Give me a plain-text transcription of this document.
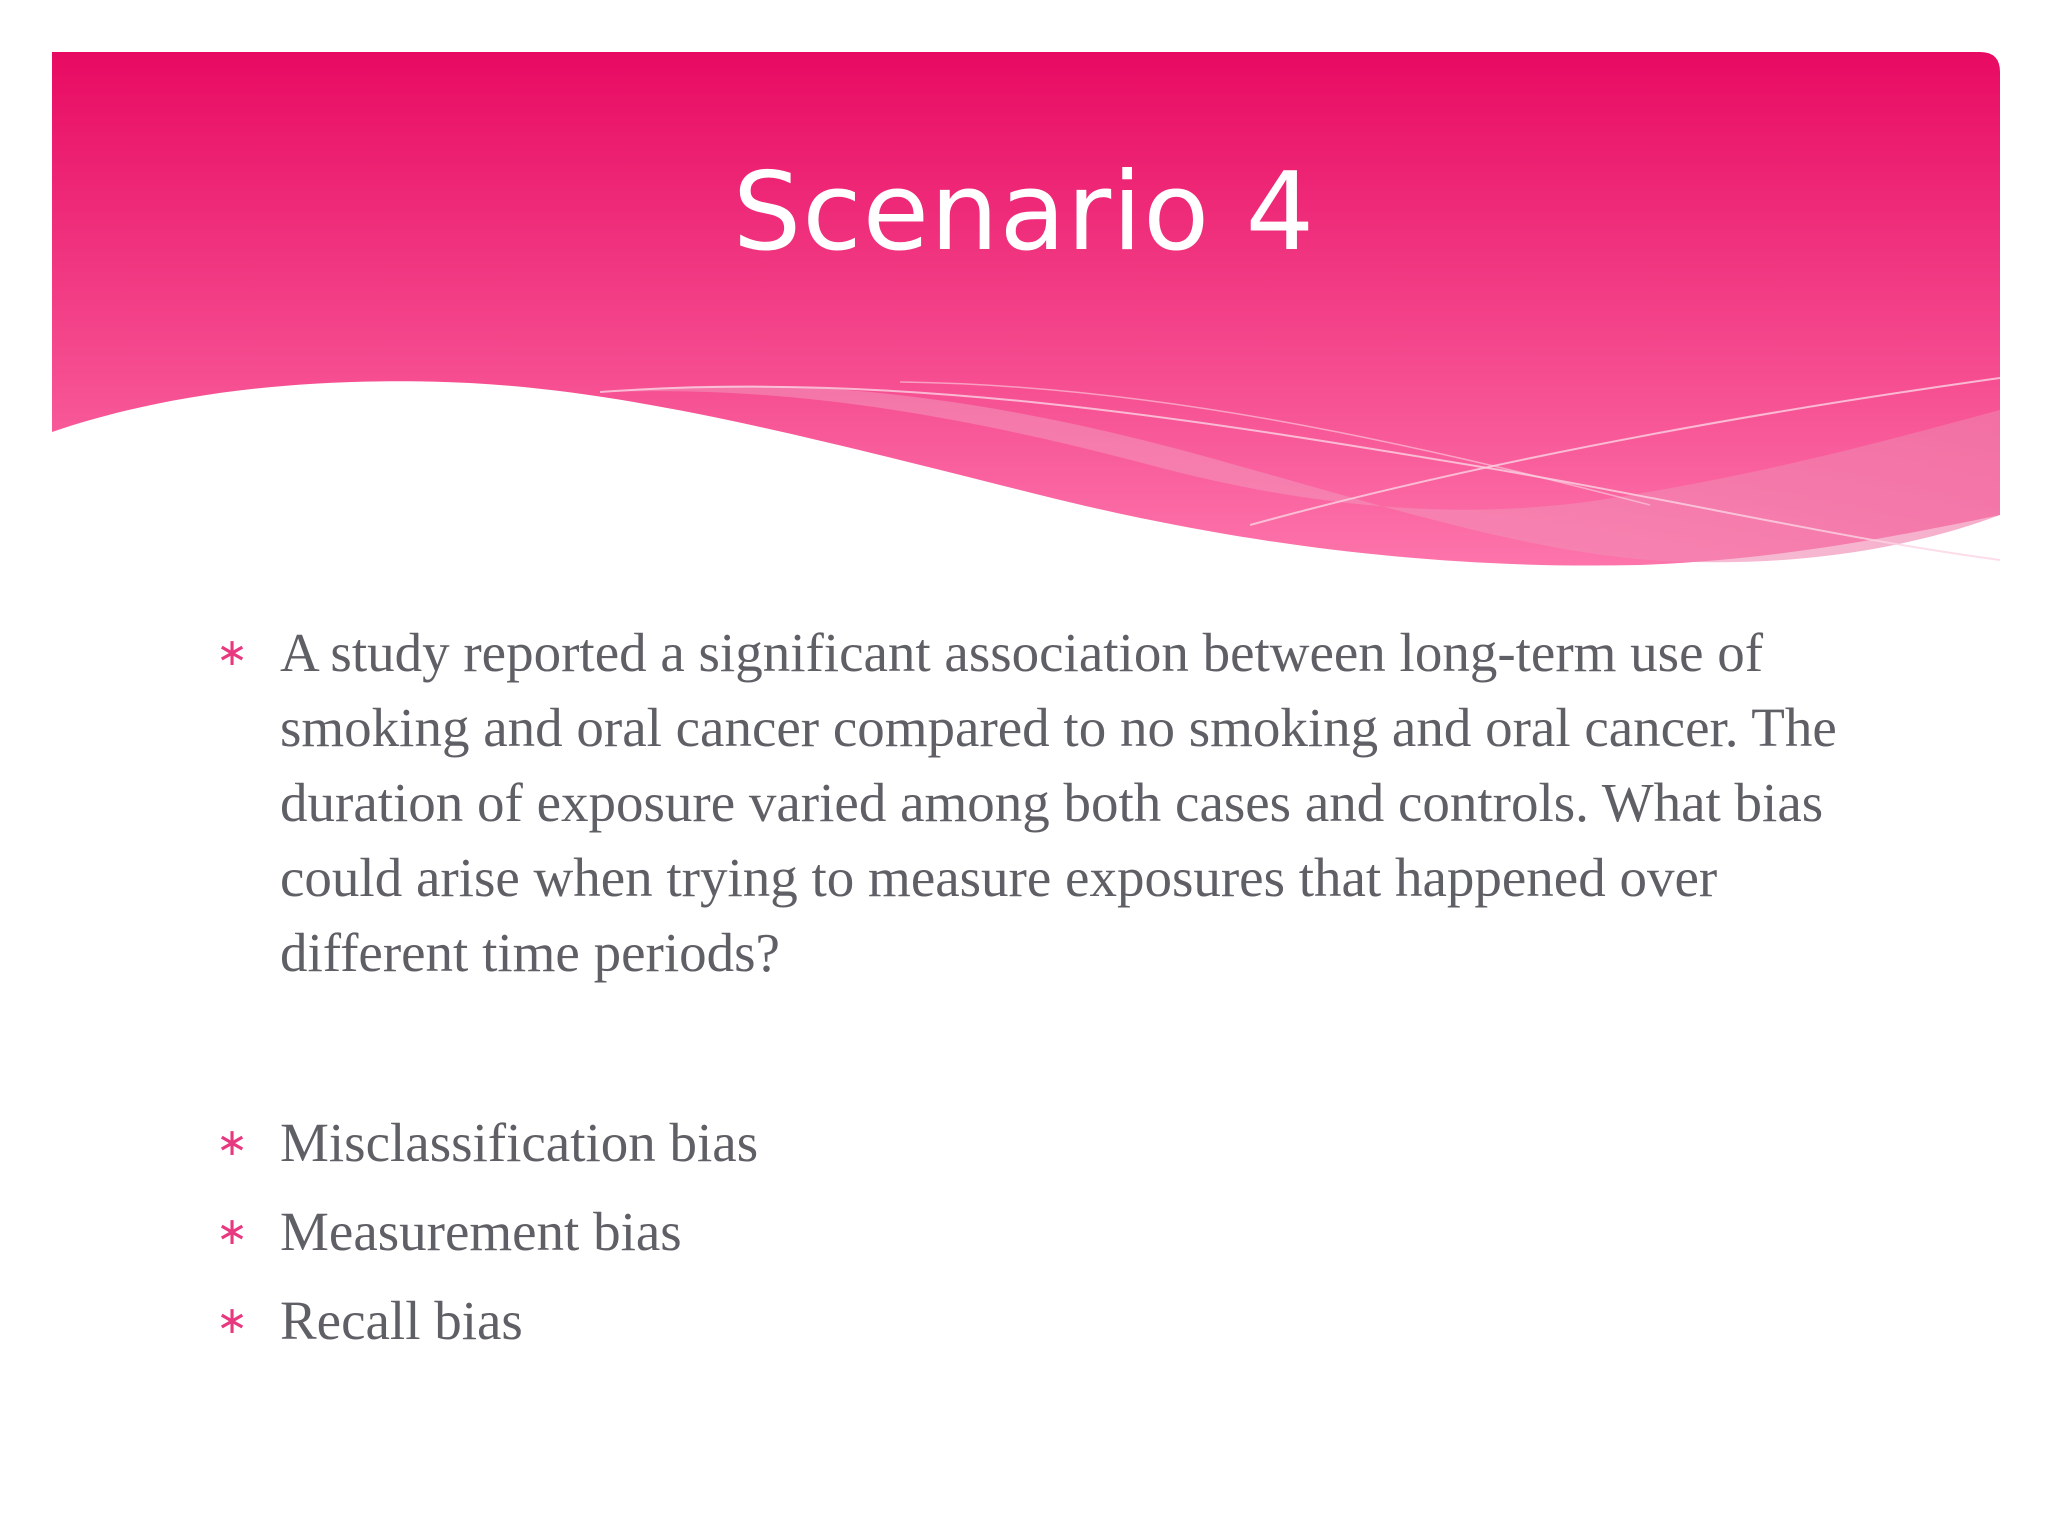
Scenario 4
∗ A study reported a significant association between long-term use of smoking and oral cancer compared to no smoking and oral cancer. The duration of exposure varied among both cases and controls. What bias could arise when trying to measure exposures that happened over different time periods?
∗ Misclassification bias
∗ Measurement bias
∗ Recall bias
